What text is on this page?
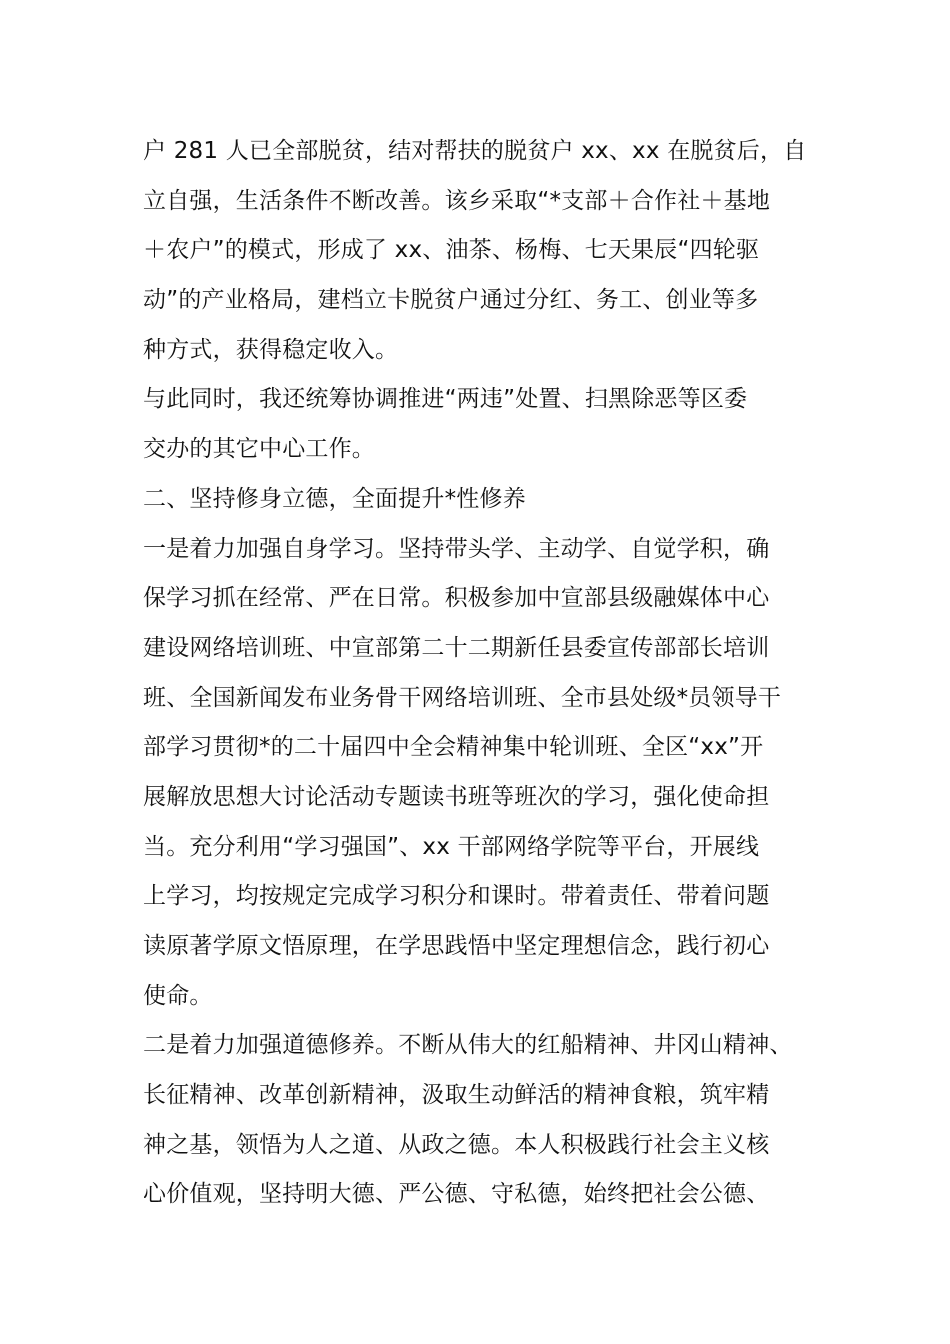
户 281 人已全部脱贫，结对帮扶的脱贫户 xx、xx 在脱贫后，自
立自强，生活条件不断改善。该乡采取“*支部＋合作社＋基地
＋农户”的模式，形成了 xx、油茶、杨梅、七天果辰“四轮驱
动”的产业格局，建档立卡脱贫户通过分红、务工、创业等多
种方式，获得稳定收入。
与此同时，我还统筹协调推进“两违”处置、扫黑除恶等区委
交办的其它中心工作。
二、坚持修身立德，全面提升*性修养
一是着力加强自身学习。坚持带头学、主动学、自觉学积，确
保学习抓在经常、严在日常。积极参加中宣部县级融媒体中心
建设网络培训班、中宣部第二十二期新任县委宣传部部长培训
班、全国新闻发布业务骨干网络培训班、全市县处级*员领导干
部学习贯彻*的二十届四中全会精神集中轮训班、全区“xx”开
展解放思想大讨论活动专题读书班等班次的学习，强化使命担
当。充分利用“学习强国”、xx 干部网络学院等平台，开展线
上学习，均按规定完成学习积分和课时。带着责任、带着问题
读原著学原文悟原理，在学思践悟中坚定理想信念，践行初心
使命。
二是着力加强道德修养。不断从伟大的红船精神、井冈山精神、
长征精神、改革创新精神，汲取生动鲜活的精神食粮，筑牢精
神之基，领悟为人之道、从政之德。本人积极践行社会主义核
心价值观，坚持明大德、严公德、守私德，始终把社会公德、
